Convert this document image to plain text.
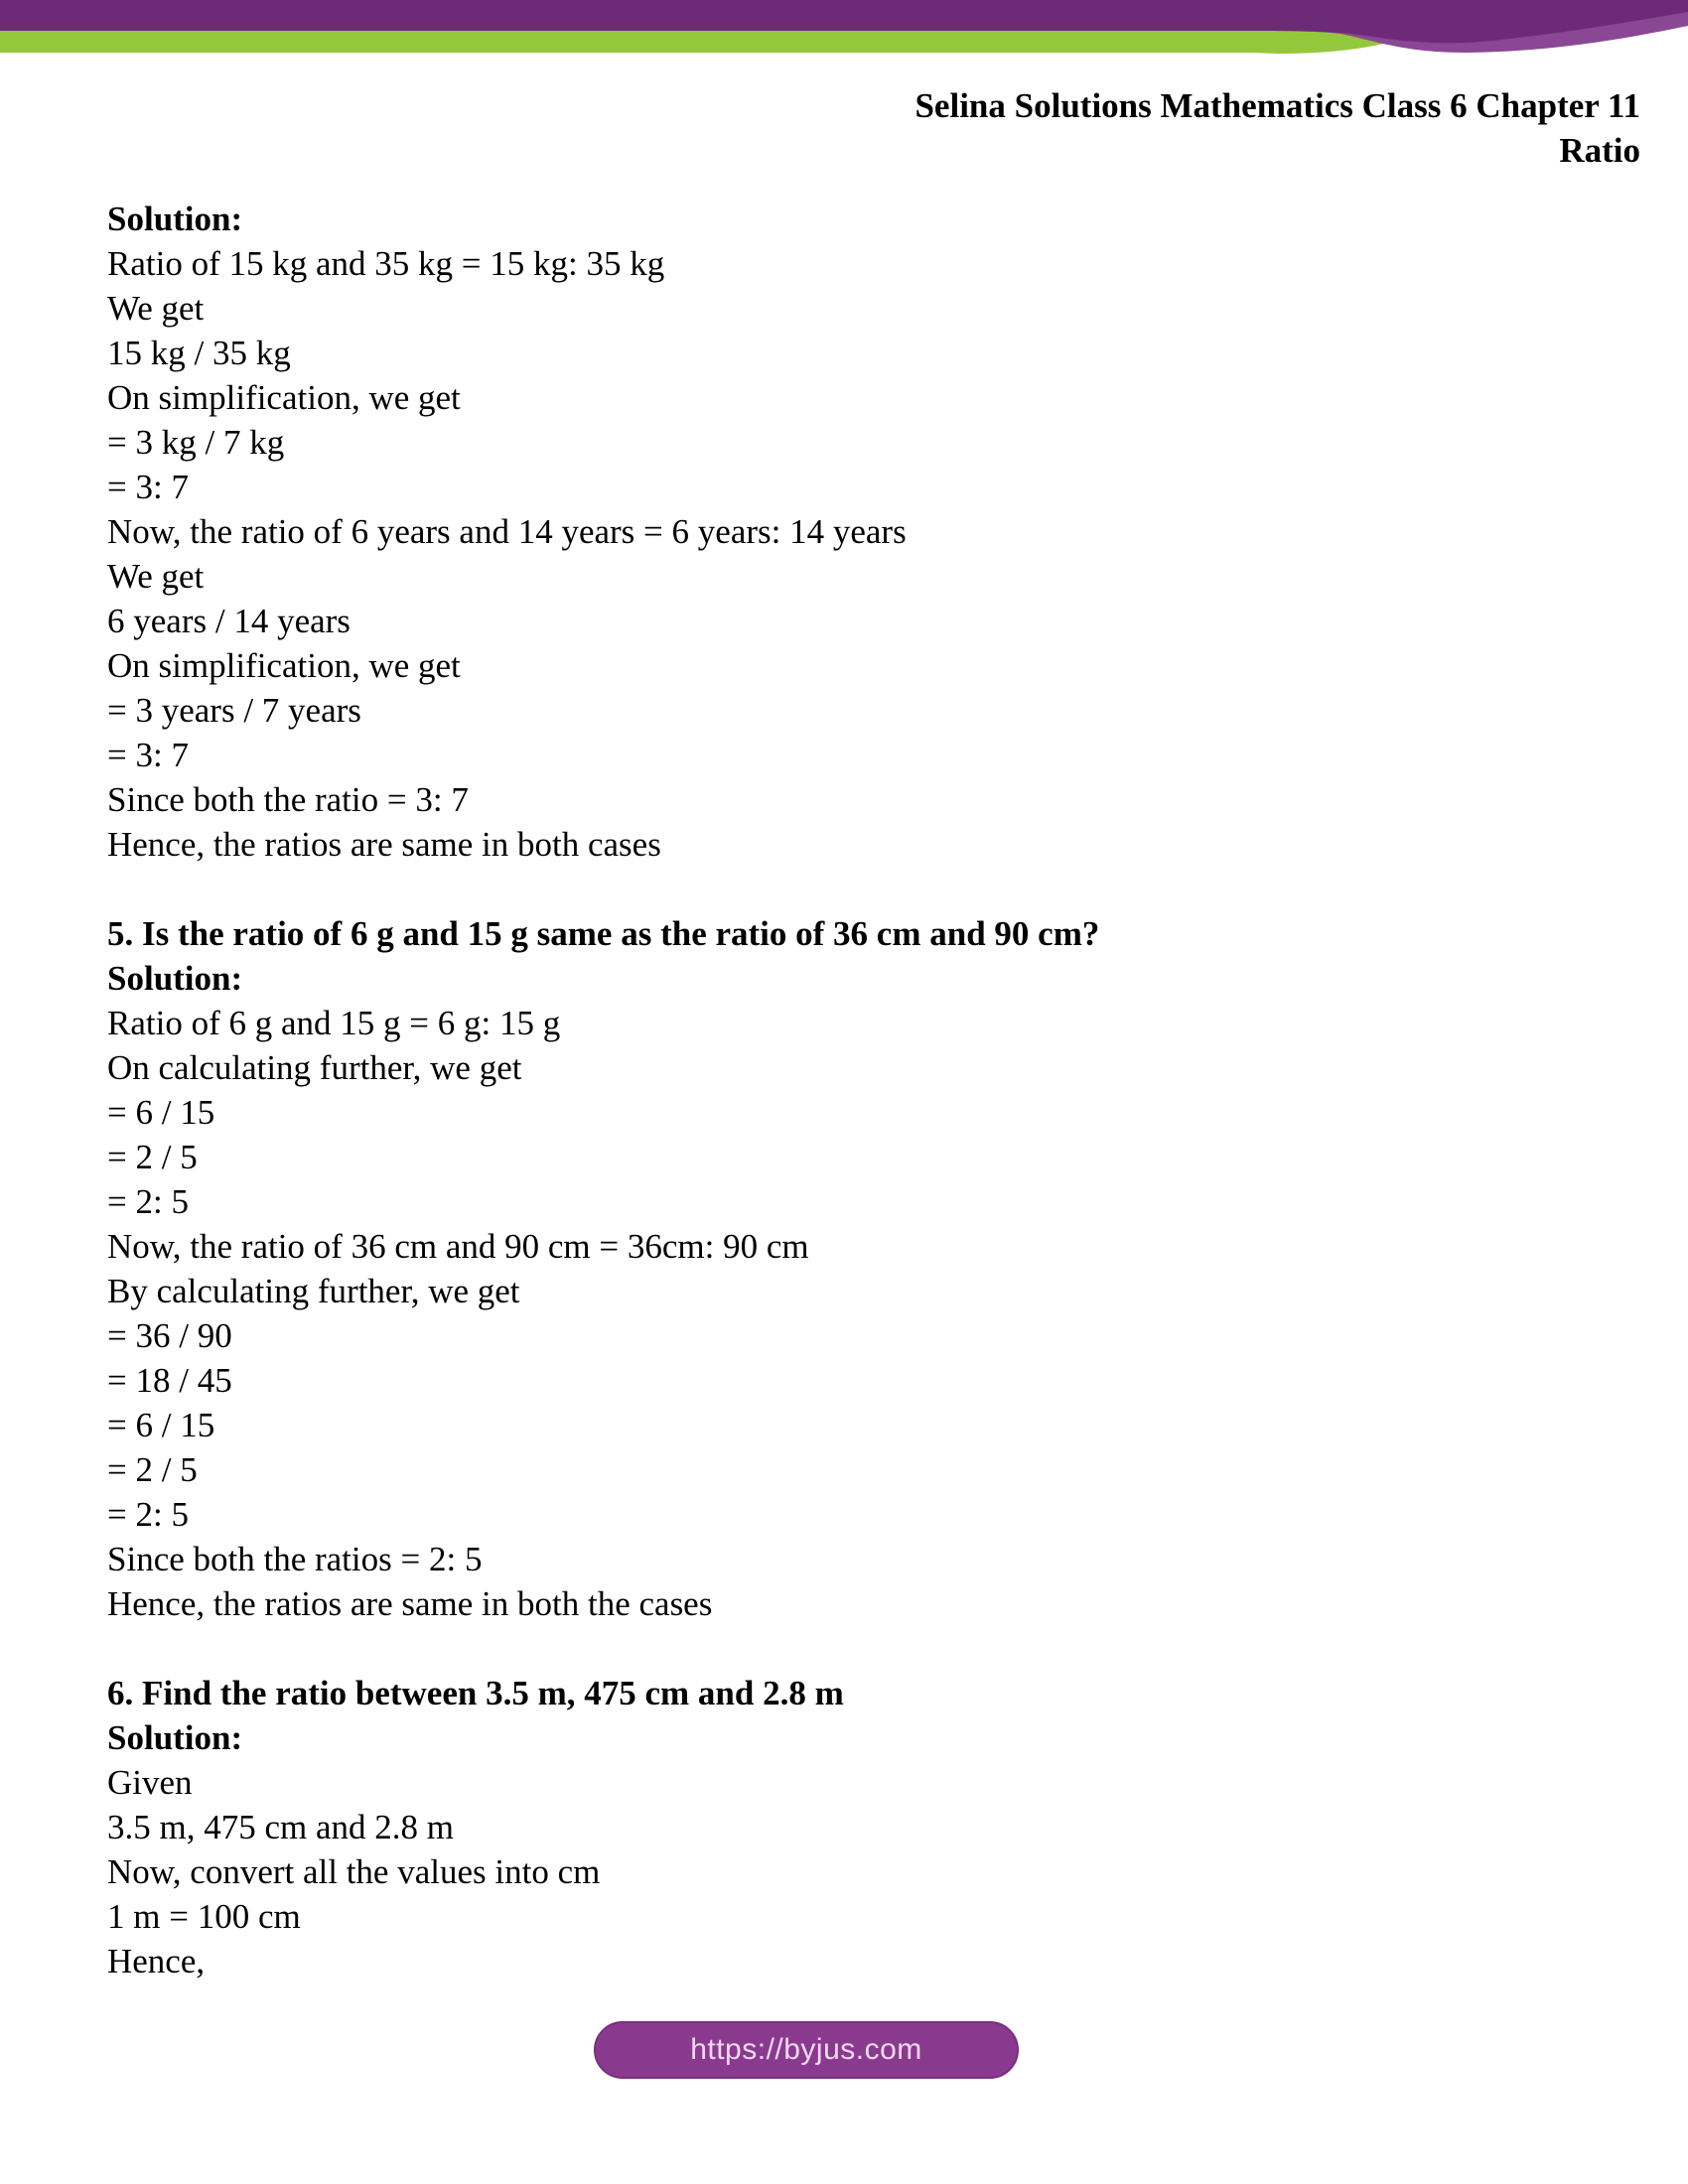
Selina Solutions Mathematics Class 6 Chapter 11
Ratio
Solution:
Ratio of 15 kg and 35 kg = 15 kg: 35 kg
We get
15 kg / 35 kg
On simplification, we get
= 3 kg / 7 kg
= 3: 7
Now, the ratio of 6 years and 14 years = 6 years: 14 years
We get
6 years / 14 years
On simplification, we get
= 3 years / 7 years
= 3: 7
Since both the ratio = 3: 7
Hence, the ratios are same in both cases
5. Is the ratio of 6 g and 15 g same as the ratio of 36 cm and 90 cm?
Solution:
Ratio of 6 g and 15 g = 6 g: 15 g
On calculating further, we get
= 6 / 15
= 2 / 5
= 2: 5
Now, the ratio of 36 cm and 90 cm = 36cm: 90 cm
By calculating further, we get
= 36 / 90
= 18 / 45
= 6 / 15
= 2 / 5
= 2: 5
Since both the ratios = 2: 5
Hence, the ratios are same in both the cases
6. Find the ratio between 3.5 m, 475 cm and 2.8 m
Solution:
Given
3.5 m, 475 cm and 2.8 m
Now, convert all the values into cm
1 m = 100 cm
Hence,
https://byjus.com
